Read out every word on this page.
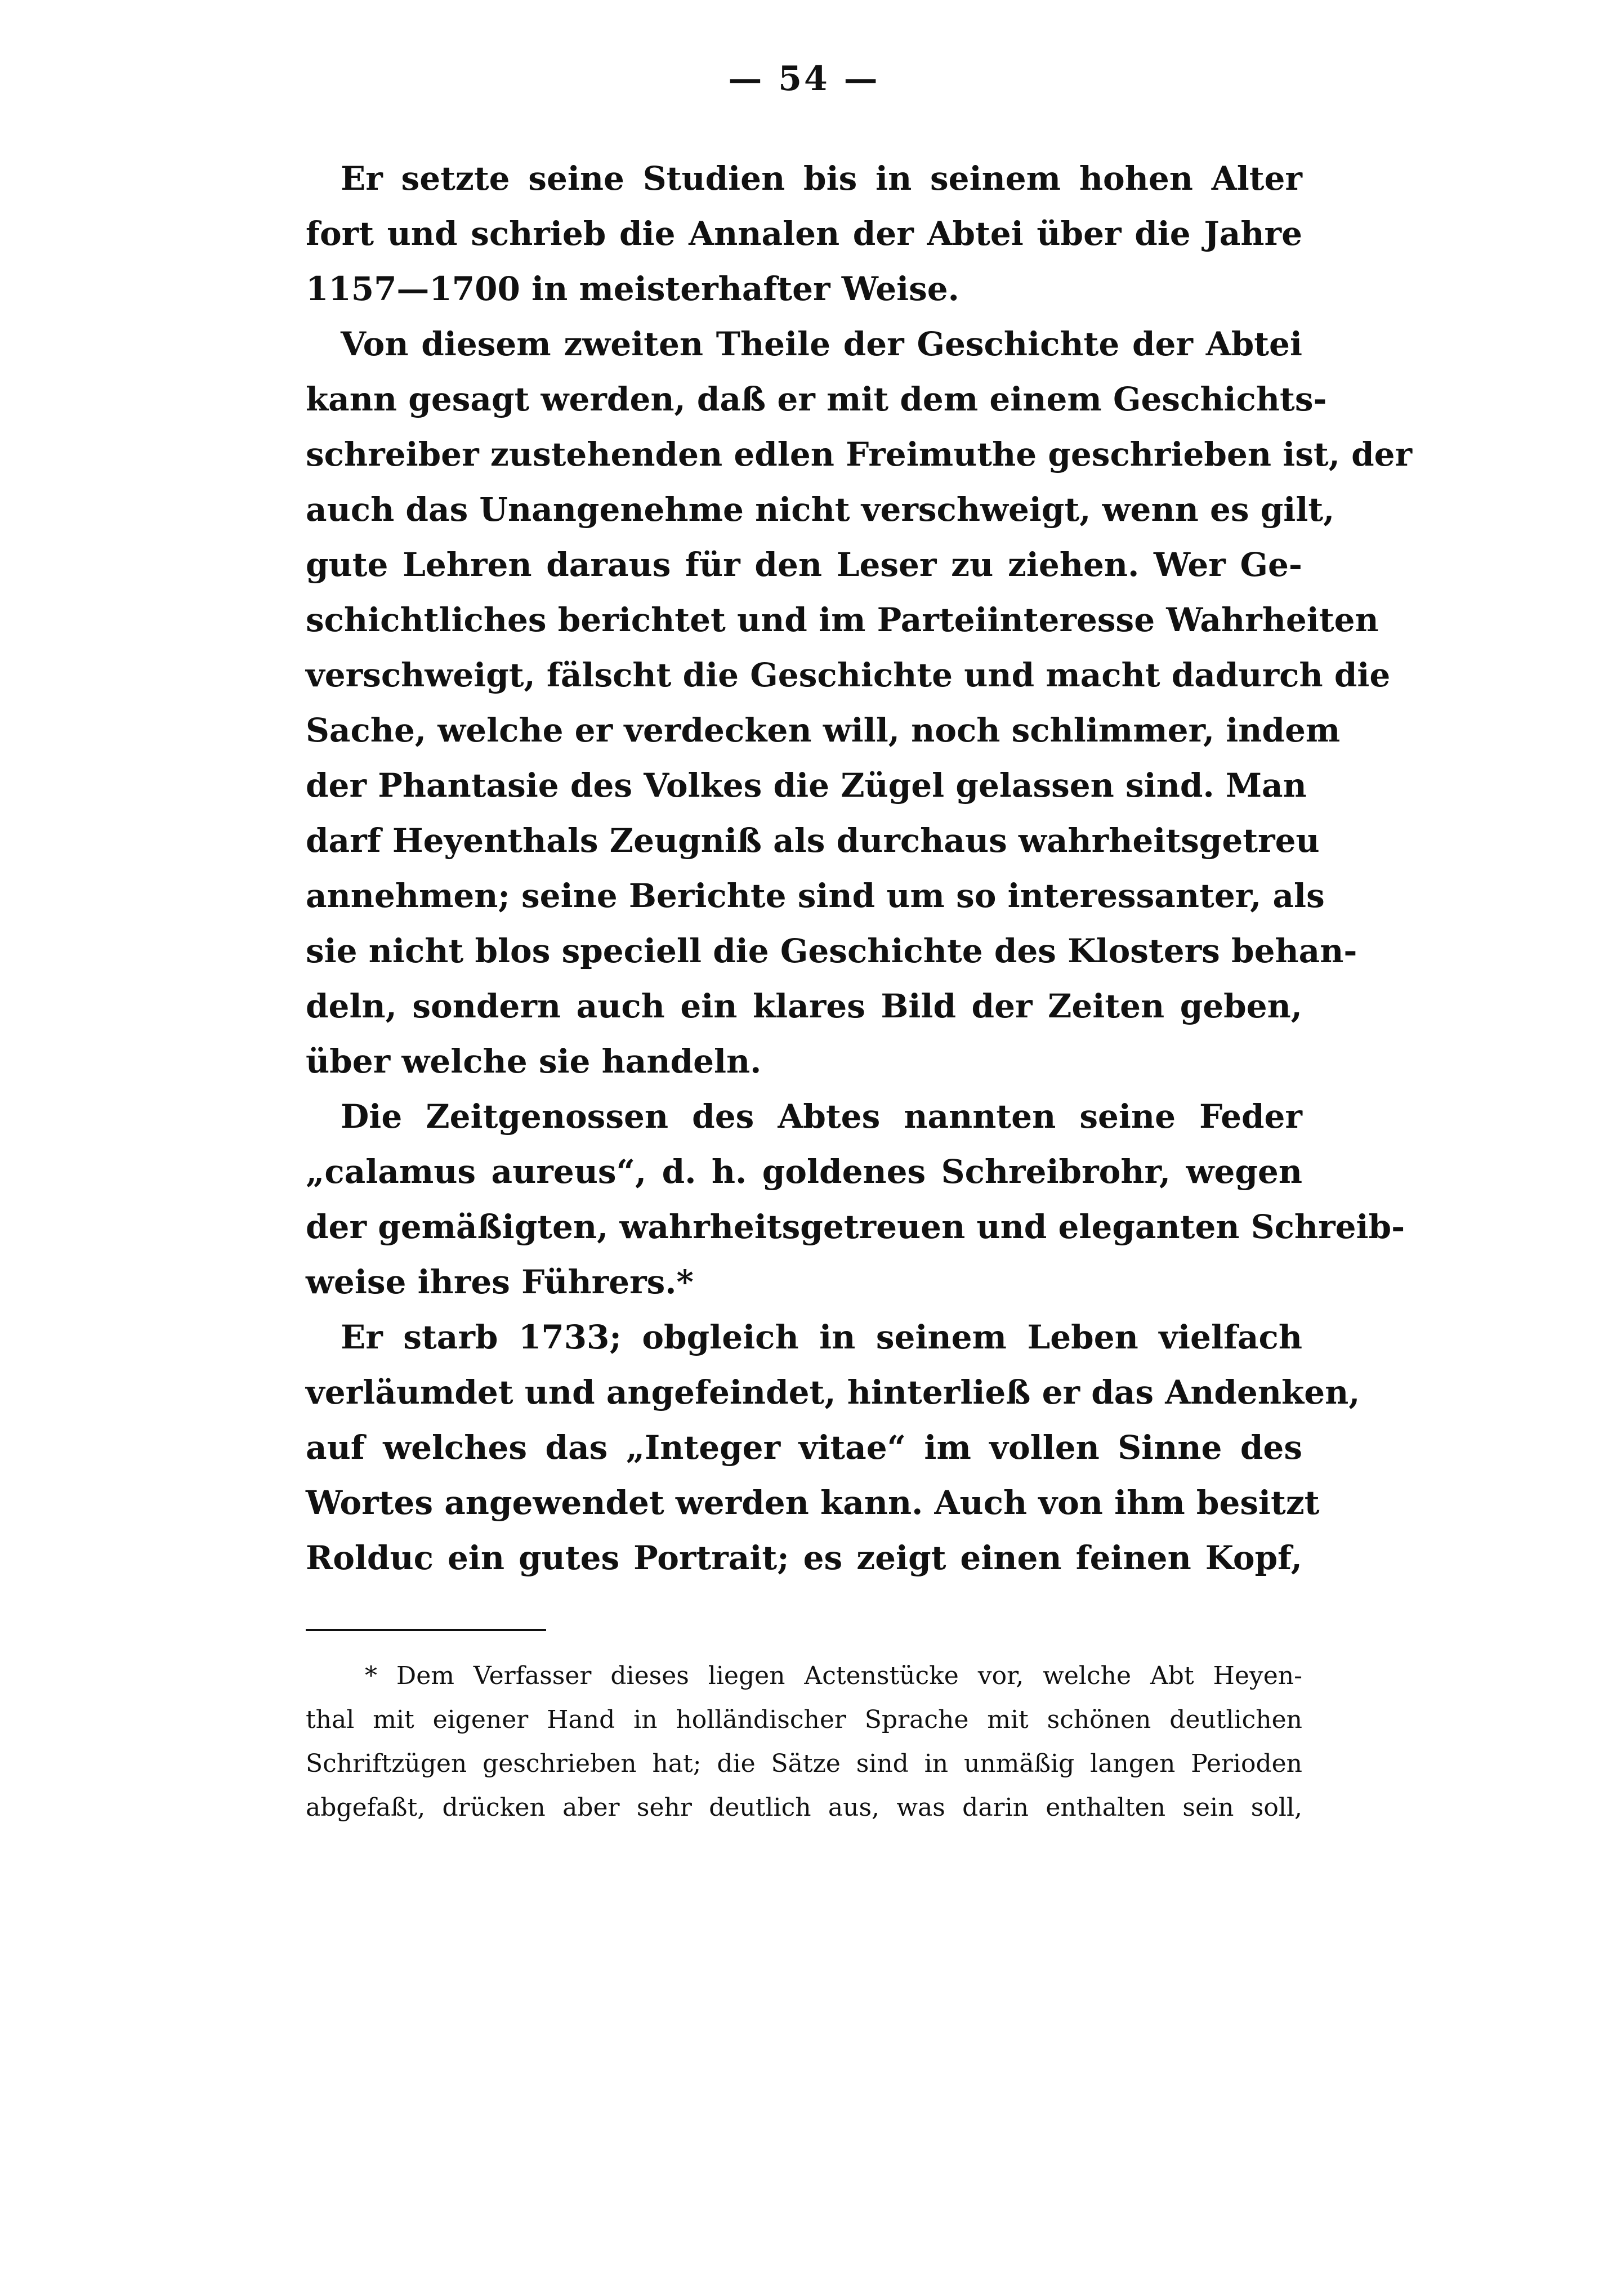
— 54 —
Er setzte seine Studien bis in seinem hohen Alter
fort und schrieb die Annalen der Abtei über die Jahre
1157—1700 in meisterhafter Weise.
Von diesem zweiten Theile der Geschichte der Abtei
kann gesagt werden, daß er mit dem einem Geschichts-
schreiber zustehenden edlen Freimuthe geschrieben ist, der
auch das Unangenehme nicht verschweigt, wenn es gilt,
gute Lehren daraus für den Leser zu ziehen. Wer Ge-
schichtliches berichtet und im Parteiinteresse Wahrheiten
verschweigt, fälscht die Geschichte und macht dadurch die
Sache, welche er verdecken will, noch schlimmer, indem
der Phantasie des Volkes die Zügel gelassen sind. Man
darf Heyenthals Zeugniß als durchaus wahrheitsgetreu
annehmen; seine Berichte sind um so interessanter, als
sie nicht blos speciell die Geschichte des Klosters behan-
deln, sondern auch ein klares Bild der Zeiten geben,
über welche sie handeln.
Die Zeitgenossen des Abtes nannten seine Feder
„calamus aureus“, d. h. goldenes Schreibrohr, wegen
der gemäßigten, wahrheitsgetreuen und eleganten Schreib-
weise ihres Führers.*
Er starb 1733; obgleich in seinem Leben vielfach
verläumdet und angefeindet, hinterließ er das Andenken,
auf welches das „Integer vitae“ im vollen Sinne des
Wortes angewendet werden kann. Auch von ihm besitzt
Rolduc ein gutes Portrait; es zeigt einen feinen Kopf,
* Dem Verfasser dieses liegen Actenstücke vor, welche Abt Heyen-
thal mit eigener Hand in holländischer Sprache mit schönen deutlichen
Schriftzügen geschrieben hat; die Sätze sind in unmäßig langen Perioden
abgefaßt, drücken aber sehr deutlich aus, was darin enthalten sein soll,
